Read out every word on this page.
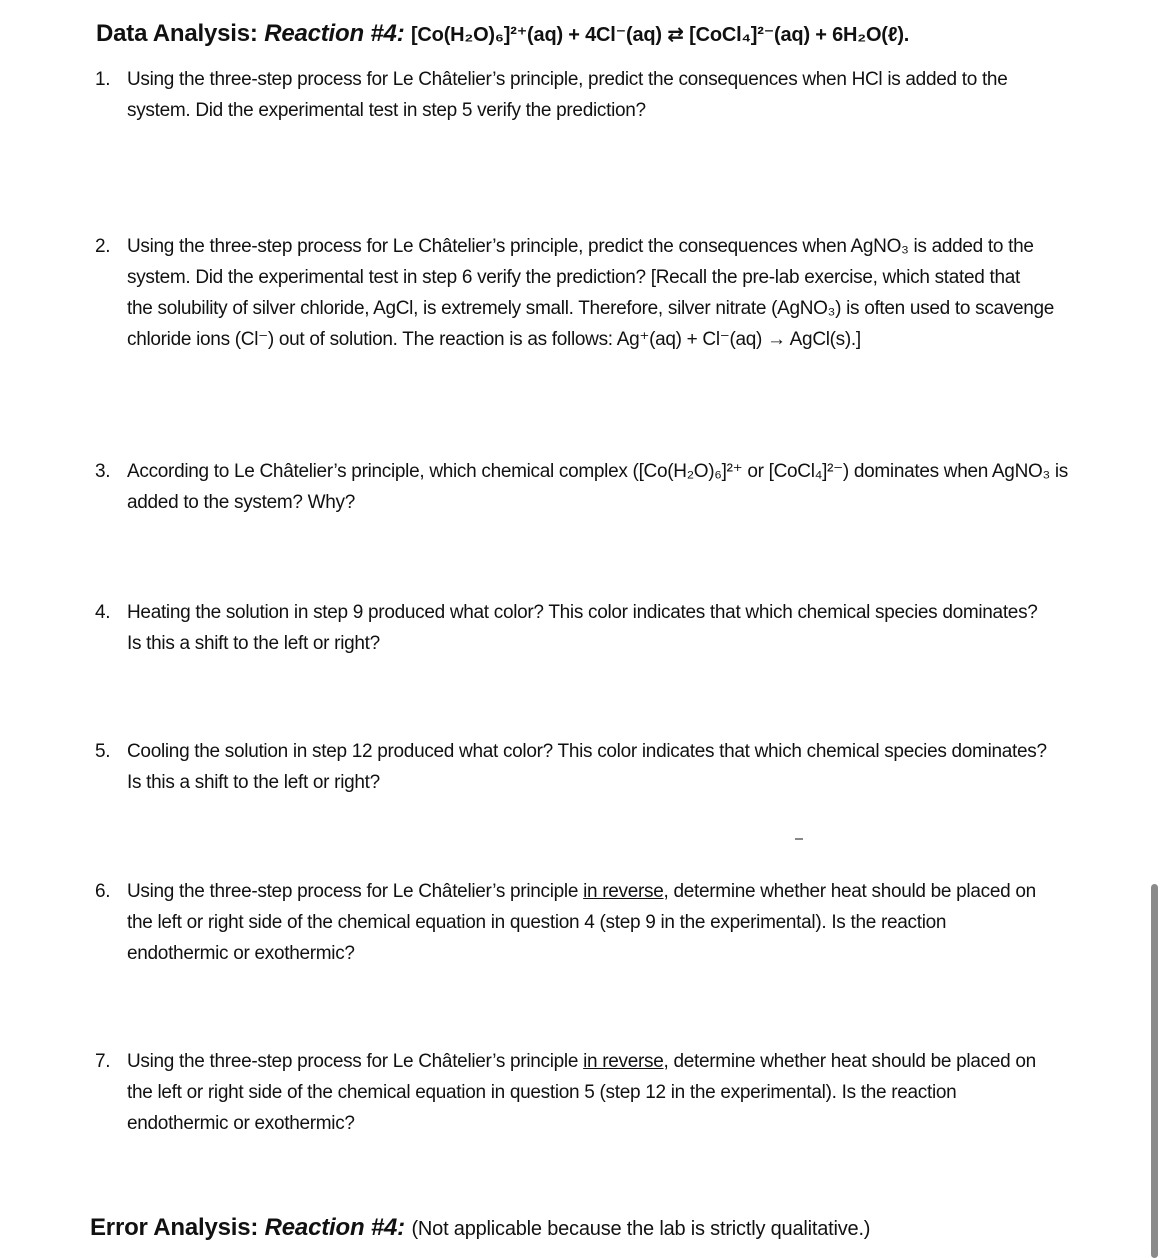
Data Analysis: Reaction #4: [Co(H₂O)₆]²⁺(aq) + 4Cl⁻(aq) ⇄ [CoCl₄]²⁻(aq) + 6H₂O(ℓ).
1. Using the three-step process for Le Châtelier’s principle, predict the consequences when HCl is added to the
system. Did the experimental test in step 5 verify the prediction?
2. Using the three-step process for Le Châtelier’s principle, predict the consequences when AgNO₃ is added to the
system. Did the experimental test in step 6 verify the prediction? [Recall the pre-lab exercise, which stated that
the solubility of silver chloride, AgCl, is extremely small. Therefore, silver nitrate (AgNO₃) is often used to scavenge
chloride ions (Cl⁻) out of solution. The reaction is as follows: Ag⁺(aq) + Cl⁻(aq) → AgCl(s).]
3. According to Le Châtelier’s principle, which chemical complex ([Co(H₂O)₆]²⁺ or [CoCl₄]²⁻) dominates when AgNO₃ is
added to the system? Why?
4. Heating the solution in step 9 produced what color? This color indicates that which chemical species dominates?
Is this a shift to the left or right?
5. Cooling the solution in step 12 produced what color? This color indicates that which chemical species dominates?
Is this a shift to the left or right?
6. Using the three-step process for Le Châtelier’s principle in reverse, determine whether heat should be placed on
the left or right side of the chemical equation in question 4 (step 9 in the experimental). Is the reaction
endothermic or exothermic?
7. Using the three-step process for Le Châtelier’s principle in reverse, determine whether heat should be placed on
the left or right side of the chemical equation in question 5 (step 12 in the experimental). Is the reaction
endothermic or exothermic?
Error Analysis: Reaction #4: (Not applicable because the lab is strictly qualitative.)
